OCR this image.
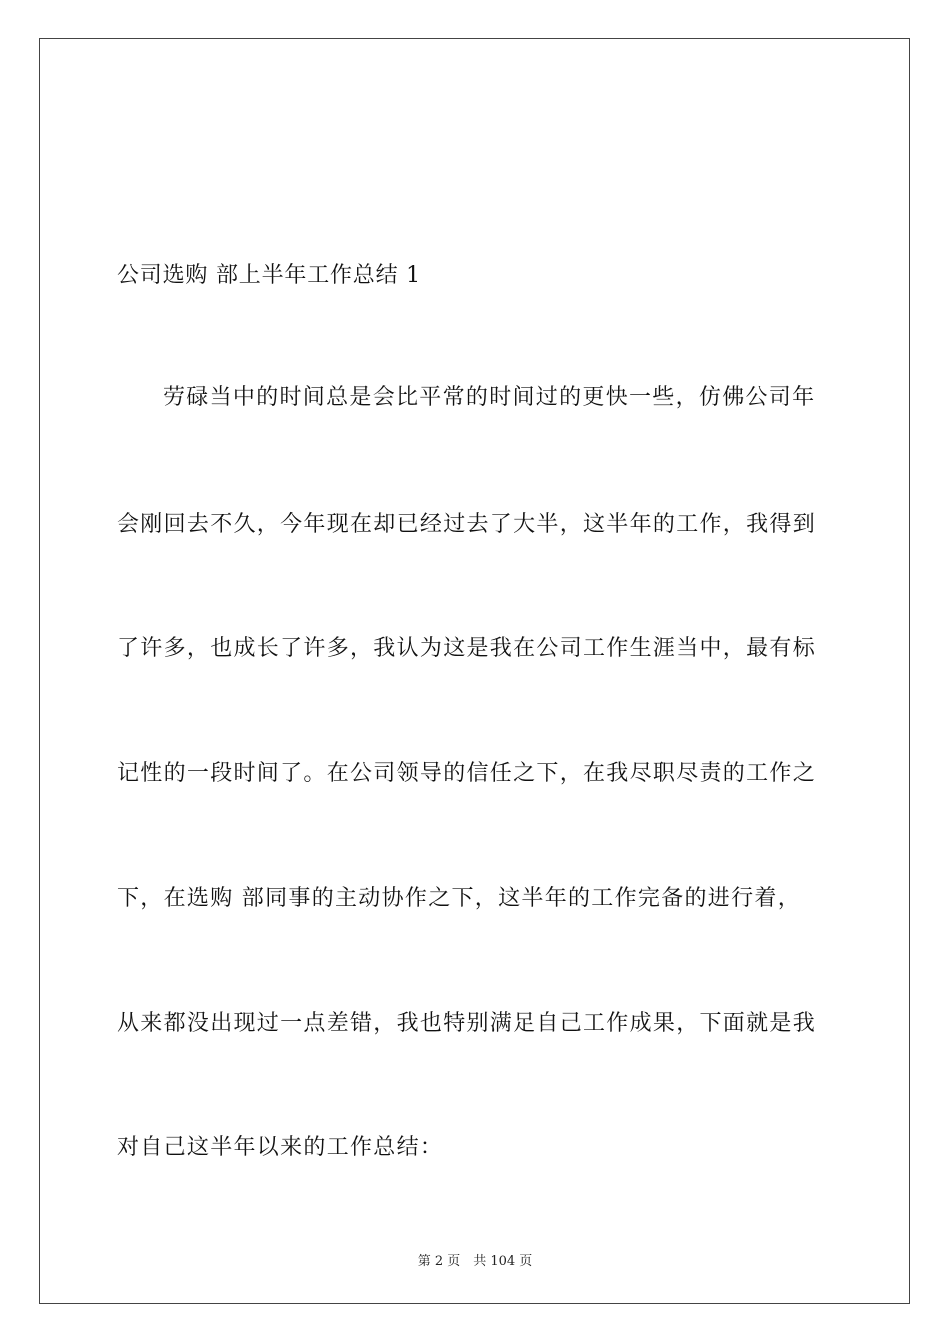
公司选购 部上半年工作总结 1
劳碌当中的时间总是会比平常的时间过的更快一些，仿佛公司年
会刚回去不久，今年现在却已经过去了大半，这半年的工作，我得到
了许多，也成长了许多，我认为这是我在公司工作生涯当中，最有标
记性的一段时间了。在公司领导的信任之下，在我尽职尽责的工作之
下，在选购 部同事的主动协作之下，这半年的工作完备的进行着，
从来都没出现过一点差错，我也特别满足自己工作成果，下面就是我
对自己这半年以来的工作总结：
第 2 页　共 104 页
